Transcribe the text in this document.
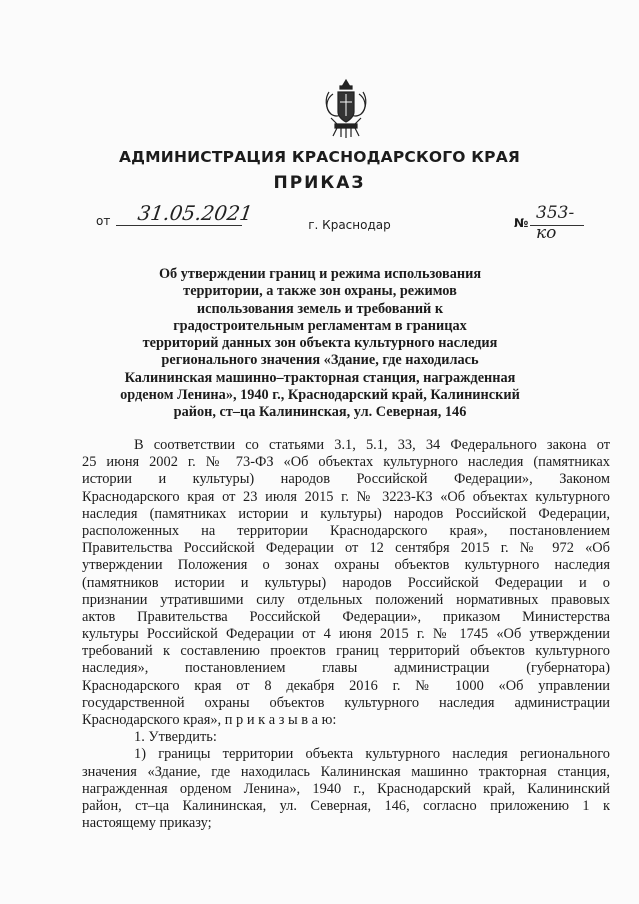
АДМИНИСТРАЦИЯ КРАСНОДАРСКОГО КРАЯ
ПРИКАЗ
от 31.05.2021	№ 353-ко
г. Краснодар
Об утверждении границ и режима использования
территории, а также зон охраны, режимов
использования земель и требований к
градостроительным регламентам в границах
территорий данных зон объекта культурного наследия
регионального значения «Здание, где находилась
Калининская машинно–тракторная станция, награжденная
орденом Ленина», 1940 г., Краснодарский край, Калининский
район, ст–ца Калининская, ул. Северная, 146
В соответствии со статьями 3.1, 5.1, 33, 34 Федерального закона от
25 июня 2002 г. № 73-ФЗ «Об объектах культурного наследия (памятниках
истории и культуры) народов Российской Федерации», Законом
Краснодарского края от 23 июля 2015 г. № 3223-КЗ «Об объектах культурного
наследия (памятниках истории и культуры) народов Российской Федерации,
расположенных на территории Краснодарского края», постановлением
Правительства Российской Федерации от 12 сентября 2015 г. № 972 «Об
утверждении Положения о зонах охраны объектов культурного наследия
(памятников истории и культуры) народов Российской Федерации и о
признании утратившими силу отдельных положений нормативных правовых
актов Правительства Российской Федерации», приказом Министерства
культуры Российской Федерации от 4 июня 2015 г. № 1745 «Об утверждении
требований к составлению проектов границ территорий объектов культурного
наследия», постановлением главы администрации (губернатора)
Краснодарского края от 8 декабря 2016 г. № 1000 «Об управлении
государственной охраны объектов культурного наследия администрации
Краснодарского края», п р и к а з ы в а ю:
1. Утвердить:
1) границы территории объекта культурного наследия регионального
значения «Здание, где находилась Калининская машинно тракторная станция,
награжденная орденом Ленина», 1940 г., Краснодарский край, Калининский
район, ст–ца Калининская, ул. Северная, 146, согласно приложению 1 к
настоящему приказу;
